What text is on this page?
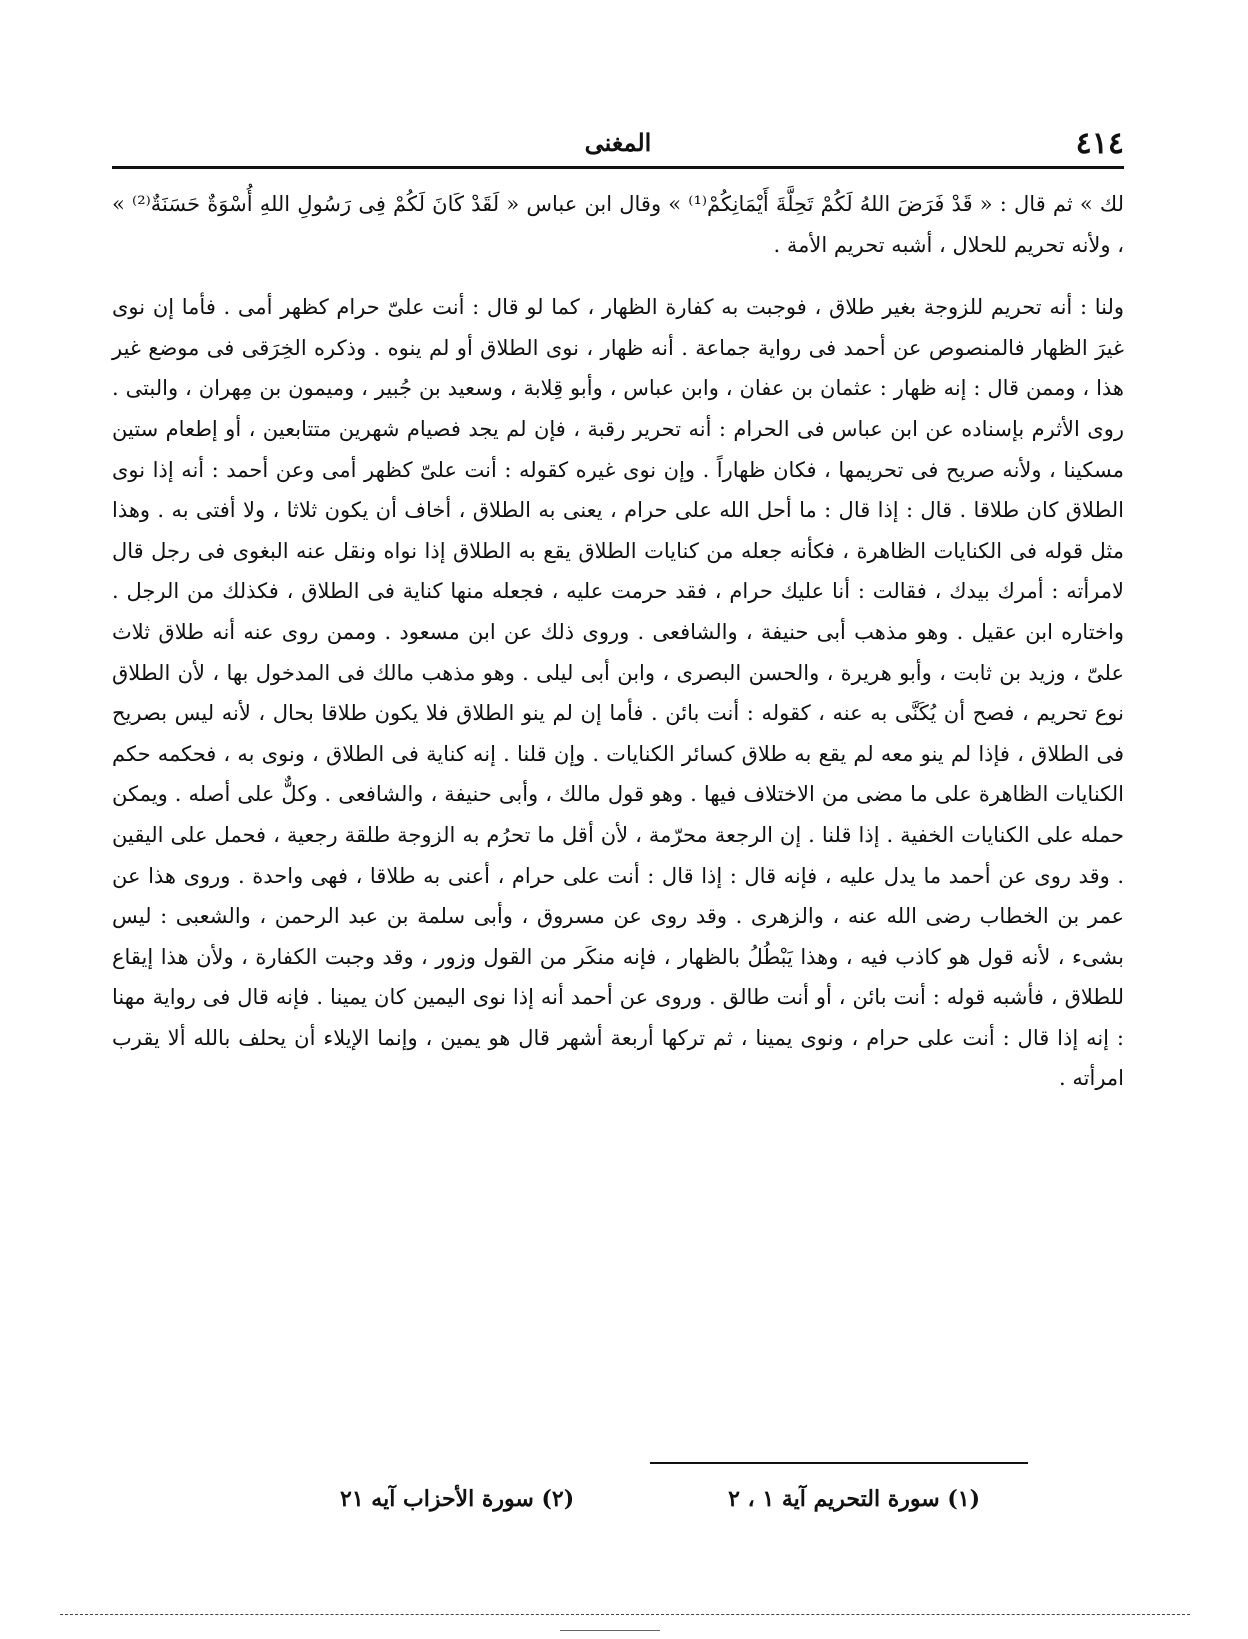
٤١٤
المغنى

لك » ثم قال : « قَدْ فَرَضَ اللهُ لَكُمْ تَحِلَّةَ أَيْمَانِكُمْ⁽¹⁾ » وقال ابن عباس « لَقَدْ كَانَ لَكُمْ فِى رَسُولِ اللهِ أُسْوَةٌ حَسَنَةٌ⁽²⁾ » ، ولأنه تحريم للحلال ، أشبه تحريم الأمة .

ولنا : أنه تحريم للزوجة بغير طلاق ، فوجبت به كفارة الظهار ، كما لو قال : أنت علىّ حرام كظهر أمى . فأما إن نوى غيرَ الظهار فالمنصوص عن أحمد فى رواية جماعة . أنه ظهار ، نوى الطلاق أو لم ينوه . وذكره الخِرَقى فى موضع غير هذا ، وممن قال : إنه ظهار : عثمان بن عفان ، وابن عباس ، وأبو قِلابة ، وسعيد بن جُبير ، وميمون بن مِهران ، والبتى . روى الأثرم بإسناده عن ابن عباس فى الحرام : أنه تحرير رقبة ، فإن لم يجد فصيام شهرين متتابعين ، أو إطعام ستين مسكينا ، ولأنه صريح فى تحريمها ، فكان ظهاراً . وإن نوى غيره كقوله : أنت علىّ كظهر أمى وعن أحمد : أنه إذا نوى الطلاق كان طلاقا . قال : إذا قال : ما أحل الله على حرام ، يعنى به الطلاق ، أخاف أن يكون ثلاثا ، ولا أفتى به . وهذا مثل قوله فى الكنايات الظاهرة ، فكأنه جعله من كنايات الطلاق يقع به الطلاق إذا نواه ونقل عنه البغوى فى رجل قال لامرأته : أمرك بيدك ، فقالت : أنا عليك حرام ، فقد حرمت عليه ، فجعله منها كناية فى الطلاق ، فكذلك من الرجل . واختاره ابن عقيل . وهو مذهب أبى حنيفة ، والشافعى . وروى ذلك عن ابن مسعود . وممن روى عنه أنه طلاق ثلاث علىّ ، وزيد بن ثابت ، وأبو هريرة ، والحسن البصرى ، وابن أبى ليلى . وهو مذهب مالك فى المدخول بها ، لأن الطلاق نوع تحريم ، فصح أن يُكَنَّى به عنه ، كقوله : أنت بائن . فأما إن لم ينو الطلاق فلا يكون طلاقا بحال ، لأنه ليس بصريح فى الطلاق ، فإذا لم ينو معه لم يقع به طلاق كسائر الكنايات . وإن قلنا . إنه كناية فى الطلاق ، ونوى به ، فحكمه حكم الكنايات الظاهرة على ما مضى من الاختلاف فيها . وهو قول مالك ، وأبى حنيفة ، والشافعى . وكلٌّ على أصله . ويمكن حمله على الكنايات الخفية . إذا قلنا . إن الرجعة محرّمة ، لأن أقل ما تحرُم به الزوجة طلقة رجعية ، فحمل على اليقين . وقد روى عن أحمد ما يدل عليه ، فإنه قال : إذا قال : أنت على حرام ، أعنى به طلاقا ، فهى واحدة . وروى هذا عن عمر بن الخطاب رضى الله عنه ، والزهرى . وقد روى عن مسروق ، وأبى سلمة بن عبد الرحمن ، والشعبى : ليس بشىء ، لأنه قول هو كاذب فيه ، وهذا يَبْطُلُ بالظهار ، فإنه منكَر من القول وزور ، وقد وجبت الكفارة ، ولأن هذا إيقاع للطلاق ، فأشبه قوله : أنت بائن ، أو أنت طالق . وروى عن أحمد أنه إذا نوى اليمين كان يمينا . فإنه قال فى رواية مهنا : إنه إذا قال : أنت على حرام ، ونوى يمينا ، ثم تركها أربعة أشهر قال هو يمين ، وإنما الإيلاء أن يحلف بالله ألا يقرب امرأته .

(١) سورة التحريم آية ١ ، ٢
(٢) سورة الأحزاب آيه ٢١
